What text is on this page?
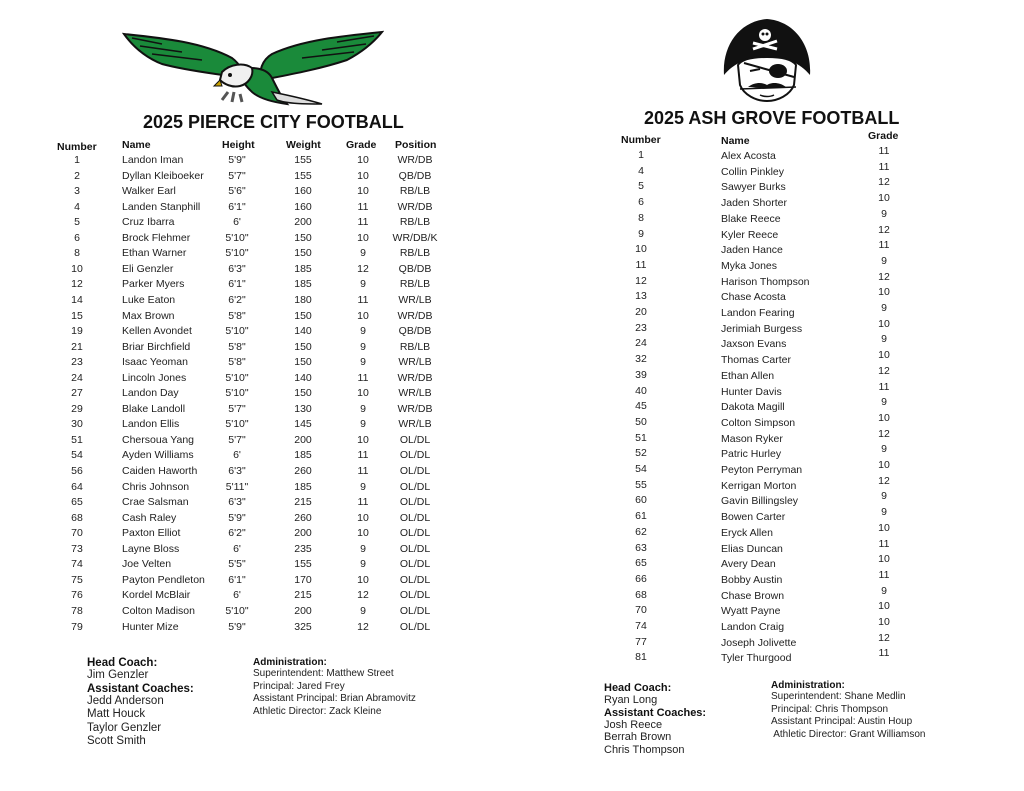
2025 PIERCE CITY FOOTBALL
Number Name	Height	Weight Grade Position
1	Landon Iman	5'9"	155	10	WR/DB
2	Dyllan Kleiboeker	5'7"	155	10	QB/DB
3	Walker Earl	5'6"	160	10	RB/LB
4	Landen Stanphill	6'1"	160	11	WR/DB
5	Cruz Ibarra	6'	200	11	RB/LB
6	Brock Flehmer	5'10"	150	10	WR/DB/K
8	Ethan Warner	5'10"	150	9	RB/LB
10	Eli Genzler	6'3"	185	12	QB/DB
12	Parker Myers	6'1"	185	9	RB/LB
14	Luke Eaton	6'2"	180	11	WR/LB
15	Max Brown	5'8"	150	10	WR/DB
19	Kellen Avondet	5'10"	140	9	QB/DB
21	Briar Birchfield	5'8"	150	9	RB/LB
23	Isaac Yeoman	5'8"	150	9	WR/LB
24	Lincoln Jones	5'10"	140	11	WR/DB
27	Landon Day	5'10"	150	10	WR/LB
29	Blake Landoll	5'7"	130	9	WR/DB
30	Landon Ellis	5'10"	145	9	WR/LB
51	Chersoua Yang	5'7"	200	10	OL/DL
54	Ayden Williams	6'	185	11	OL/DL
56	Caiden Haworth	6'3"	260	11	OL/DL
64	Chris Johnson	5'11"	185	9	OL/DL
65	Crae Salsman	6'3"	215	11	OL/DL
68	Cash Raley	5'9"	260	10	OL/DL
70	Paxton Elliot	6'2"	200	10	OL/DL
73	Layne Bloss	6'	235	9	OL/DL
74	Joe Velten	5'5"	155	9	OL/DL
75	Payton Pendleton	6'1"	170	10	OL/DL
76	Kordel McBlair	6'	215	12	OL/DL
78	Colton Madison	5'10"	200	9	OL/DL
79	Hunter Mize	5'9"	325	12	OL/DL
Head Coach:
Jim Genzler
Assistant Coaches:
Jedd Anderson
Matt Houck
Taylor Genzler
Scott Smith
Administration:
Superintendent: Matthew Street
Principal: Jared Frey
Assistant Principal: Brian Abramovitz
Athletic Director: Zack Kleine
2025 ASH GROVE FOOTBALL
Number	Name	Grade
1	Alex Acosta	11
4	Collin Pinkley	11
5	Sawyer Burks	12
6	Jaden Shorter	10
8	Blake Reece	9
9	Kyler Reece	12
10	Jaden Hance	11
11	Myka Jones	9
12	Harison Thompson	12
13	Chase Acosta	10
20	Landon Fearing	9
23	Jerimiah Burgess	10
24	Jaxson Evans	9
32	Thomas Carter	10
39	Ethan Allen	12
40	Hunter Davis	11
45	Dakota Magill	9
50	Colton Simpson	10
51	Mason Ryker	12
52	Patric Hurley	9
54	Peyton Perryman	10
55	Kerrigan Morton	12
60	Gavin Billingsley	9
61	Bowen Carter	9
62	Eryck Allen	10
63	Elias Duncan	11
65	Avery Dean	10
66	Bobby Austin	11
68	Chase Brown	9
70	Wyatt Payne	10
74	Landon Craig	10
77	Joseph Jolivette	12
81	Tyler Thurgood	11
Head Coach:
Ryan Long
Assistant Coaches:
Josh Reece
Berrah Brown
Chris Thompson
Administration:
Superintendent: Shane Medlin
Principal: Chris Thompson
Assistant Principal: Austin Houp
Athletic Director: Grant Williamson
